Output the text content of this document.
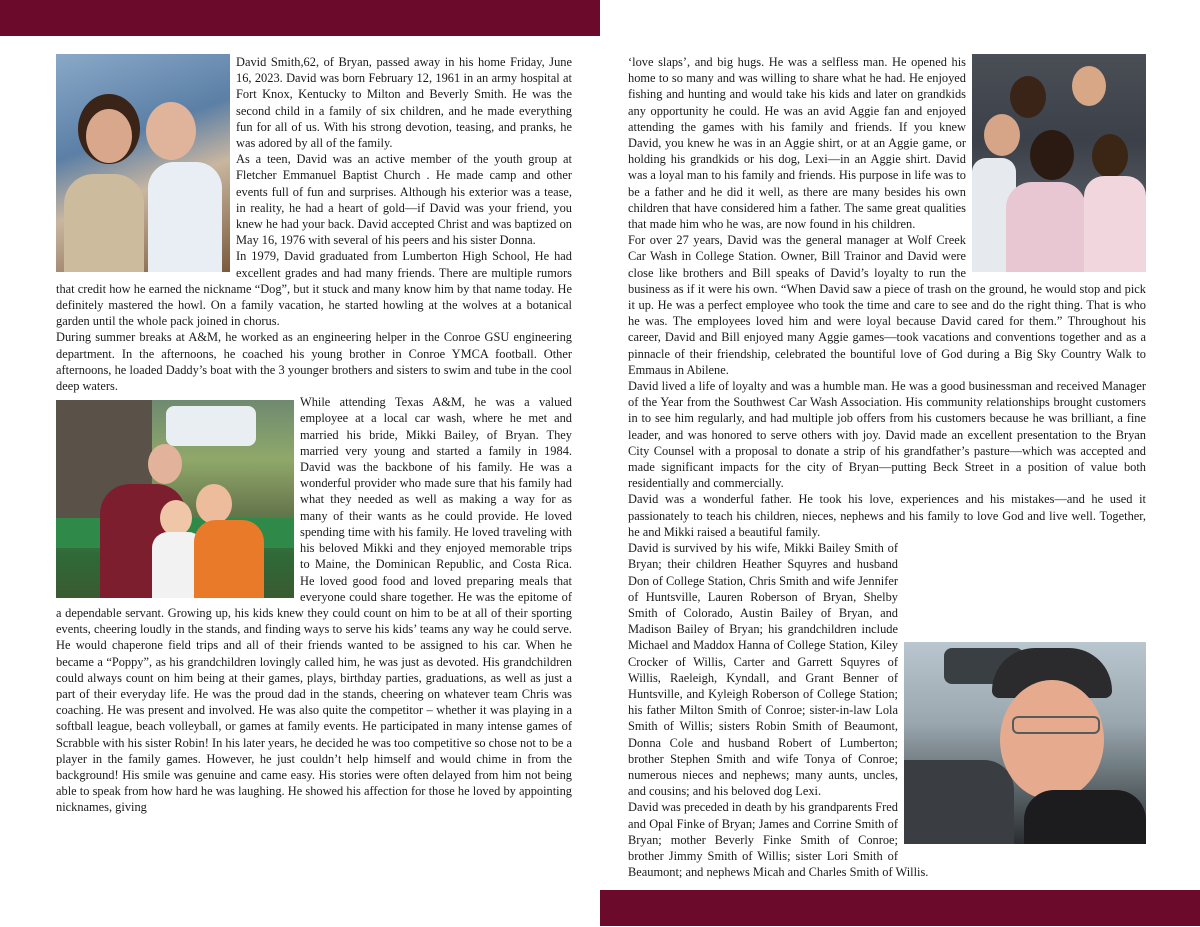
David Smith,62, of Bryan, passed away in his home Friday, June 16, 2023. David was born February 12, 1961 in an army hospital at Fort Knox, Kentucky to Milton and Beverly Smith. He was the second child in a family of six children, and he made everything fun for all of us. With his strong devotion, teasing, and pranks, he was adored by all of the family.

As a teen, David was an active member of the youth group at Fletcher Emmanuel Baptist Church . He made camp and other events full of fun and surprises. Although his exterior was a tease, in reality, he had a heart of gold—if David was your friend, you knew he had your back. David accepted Christ and was baptized on May 16, 1976 with several of his peers and his sister Donna.

In 1979, David graduated from Lumberton High School, He had excellent grades and had many friends. There are multiple rumors that credit how he earned the nickname “Dog”, but it stuck and many know him by that name today. He definitely mastered the howl. On a family vacation, he started howling at the wolves at a botanical garden until the whole pack joined in chorus.

During summer breaks at A&M, he worked as an engineering helper in the Conroe GSU engineering department. In the afternoons, he coached his young brother in Conroe YMCA football. Other afternoons, he loaded Daddy’s boat with the 3 younger brothers and sisters to swim and tube in the cool deep waters.

While attending Texas A&M, he was a valued employee at a local car wash, where he met and married his bride, Mikki Bailey, of Bryan. They married very young and started a family in 1984. David was the backbone of his family. He was a wonderful provider who made sure that his family had what they needed as well as making a way for as many of their wants as he could provide. He loved spending time with his family. He loved traveling with his beloved Mikki and they enjoyed memorable trips to Maine, the Dominican Republic, and Costa Rica. He loved good food and loved preparing meals that everyone could share together. He was the epitome of a dependable servant. Growing up, his kids knew they could count on him to be at all of their sporting events, cheering loudly in the stands, and finding ways to serve his kids’ teams any way he could serve. He would chaperone field trips and all of their friends wanted to be assigned to his car. When he became a “Poppy”, as his grandchildren lovingly called him, he was just as devoted. His grandchildren could always count on him being at their games, plays, birthday parties, graduations, as well as just a part of their everyday life. He was the proud dad in the stands, cheering on whatever team Chris was coaching. He was present and involved. He was also quite the competitor – whether it was playing in a softball league, beach volleyball, or games at family events. He participated in many intense games of Scrabble with his sister Robin! In his later years, he decided he was too competitive so chose not to be a player in the family games. However, he just couldn’t help himself and would chime in from the background! His smile was genuine and came easy. His stories were often delayed from him not being able to speak from how hard he was laughing. He showed his affection for those he loved by appointing nicknames, giving

‘love slaps’, and big hugs. He was a selfless man. He opened his home to so many and was willing to share what he had. He enjoyed fishing and hunting and would take his kids and later on grandkids any opportunity he could. He was an avid Aggie fan and enjoyed attending the games with his family and friends. If you knew David, you knew he was in an Aggie shirt, or at an Aggie game, or holding his grandkids or his dog, Lexi—in an Aggie shirt. David was a loyal man to his family and friends. His purpose in life was to be a father and he did it well, as there are many besides his own children that have considered him a father. The same great qualities that made him who he was, are now found in his children.

For over 27 years, David was the general manager at Wolf Creek Car Wash in College Station. Owner, Bill Trainor and David were close like brothers and Bill speaks of David’s loyalty to run the business as if it were his own. “When David saw a piece of trash on the ground, he would stop and pick it up. He was a perfect employee who took the time and care to see and do the right thing. That is who he was. The employees loved him and were loyal because David cared for them.” Throughout his career, David and Bill enjoyed many Aggie games—took vacations and conventions together and as a pinnacle of their friendship, celebrated the bountiful love of God during a Big Sky Country Walk to Emmaus in Abilene.

David lived a life of loyalty and was a humble man. He was a good businessman and received Manager of the Year from the Southwest Car Wash Association. His community relationships brought customers in to see him regularly, and had multiple job offers from his customers because he was brilliant, a fine leader, and was honored to serve others with joy. David made an excellent presentation to the Bryan City Counsel with a proposal to donate a strip of his grandfather’s pasture—which was accepted and made significant impacts for the city of Bryan—putting Beck Street in a position of value both residentially and commercially.

David was a wonderful father. He took his love, experiences and his mistakes—and he used it passionately to teach his children, nieces, nephews and his family to love God and live well. Together, he and Mikki raised a beautiful family.

David is survived by his wife, Mikki Bailey Smith of Bryan; their children Heather Squyres and husband Don of College Station, Chris Smith and wife Jennifer of Huntsville, Lauren Roberson of Bryan, Shelby Smith of Colorado, Austin Bailey of Bryan, and Madison Bailey of Bryan; his grandchildren include Michael and Maddox Hanna of College Station, Kiley Crocker of Willis, Carter and Garrett Squyres of Willis, Raeleigh, Kyndall, and Grant Benner of Huntsville, and Kyleigh Roberson of College Station; his father Milton Smith of Conroe; sister-in-law Lola Smith of Willis; sisters Robin Smith of Beaumont, Donna Cole and husband Robert of Lumberton; brother Stephen Smith and wife Tonya of Conroe; numerous nieces and nephews; many aunts, uncles, and cousins; and his beloved dog Lexi.

David was preceded in death by his grandparents Fred and Opal Finke of Bryan; James and Corrine Smith of Bryan; mother Beverly Finke Smith of Conroe; brother Jimmy Smith of Willis; sister Lori Smith of Beaumont; and nephews Micah and Charles Smith of Willis.
